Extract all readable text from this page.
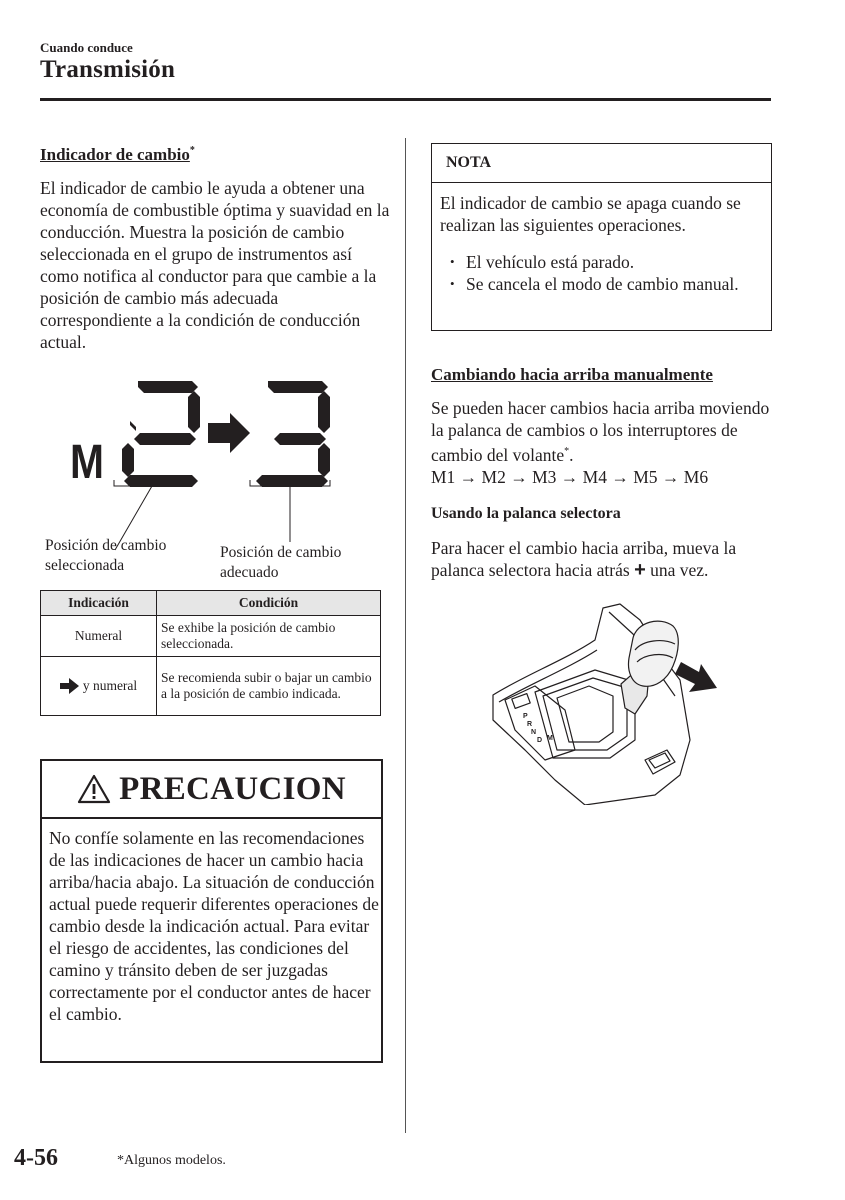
Cuando conduce
Transmisión
Indicador de cambio*
El indicador de cambio le ayuda a obtener una economía de combustible óptima y suavidad en la conducción. Muestra la posición de cambio seleccionada en el grupo de instrumentos así como notifica al conductor para que cambie a la posición de cambio más adecuada correspondiente a la condición de conducción actual.
M
Posición de cambio seleccionada
Posición de cambio adecuado
Indicación	Condición
Numeral	Se exhibe la posición de cambio seleccionada.
y numeral	Se recomienda subir o bajar un cambio a la posición de cambio indicada.
PRECAUCION
No confíe solamente en las recomendaciones de las indicaciones de hacer un cambio hacia arriba/hacia abajo. La situación de conducción actual puede requerir diferentes operaciones de cambio desde la indicación actual. Para evitar el riesgo de accidentes, las condiciones del camino y tránsito deben de ser juzgadas correctamente por el conductor antes de hacer el cambio.
NOTA
El indicador de cambio se apaga cuando se realizan las siguientes operaciones.
• El vehículo está parado.
• Se cancela el modo de cambio manual.
Cambiando hacia arriba manualmente
Se pueden hacer cambios hacia arriba moviendo la palanca de cambios o los interruptores de cambio del volante*.
M1 → M2 → M3 → M4 → M5 → M6
Usando la palanca selectora
Para hacer el cambio hacia arriba, mueva la palanca selectora hacia atrás + una vez.
P
R
N
D M
4-56	*Algunos modelos.
